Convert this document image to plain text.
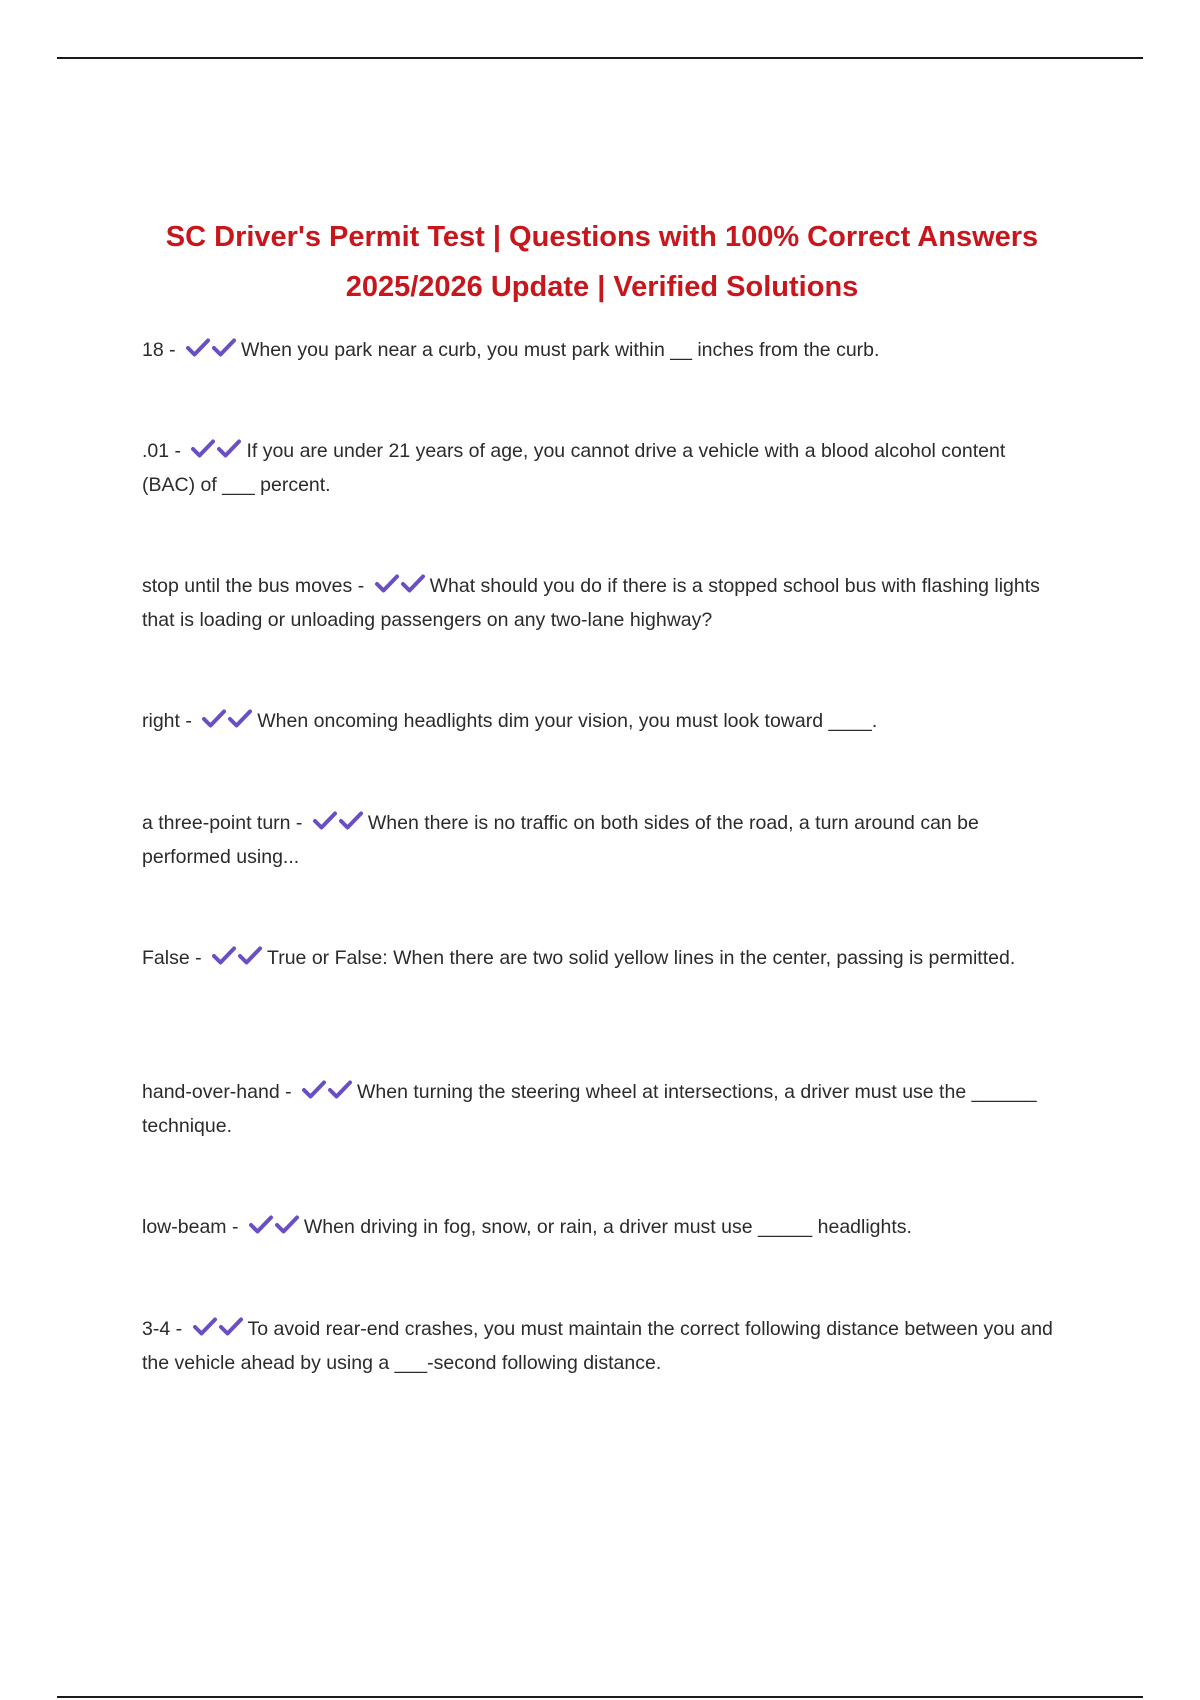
SC Driver's Permit Test | Questions with 100% Correct Answers
2025/2026 Update | Verified Solutions
18 -	When you park near a curb, you must park within __ inches from the curb.
.01 -	If you are under 21 years of age, you cannot drive a vehicle with a blood alcohol content (BAC) of ___ percent.
stop until the bus moves -	What should you do if there is a stopped school bus with flashing lights that is loading or unloading passengers on any two-lane highway?
right -	When oncoming headlights dim your vision, you must look toward ____.
a three-point turn -	When there is no traffic on both sides of the road, a turn around can be performed using...
False -	True or False: When there are two solid yellow lines in the center, passing is permitted.
hand-over-hand -	When turning the steering wheel at intersections, a driver must use the ______ technique.
low-beam -	When driving in fog, snow, or rain, a driver must use _____ headlights.
3-4 -	To avoid rear-end crashes, you must maintain the correct following distance between you and the vehicle ahead by using a ___-second following distance.
